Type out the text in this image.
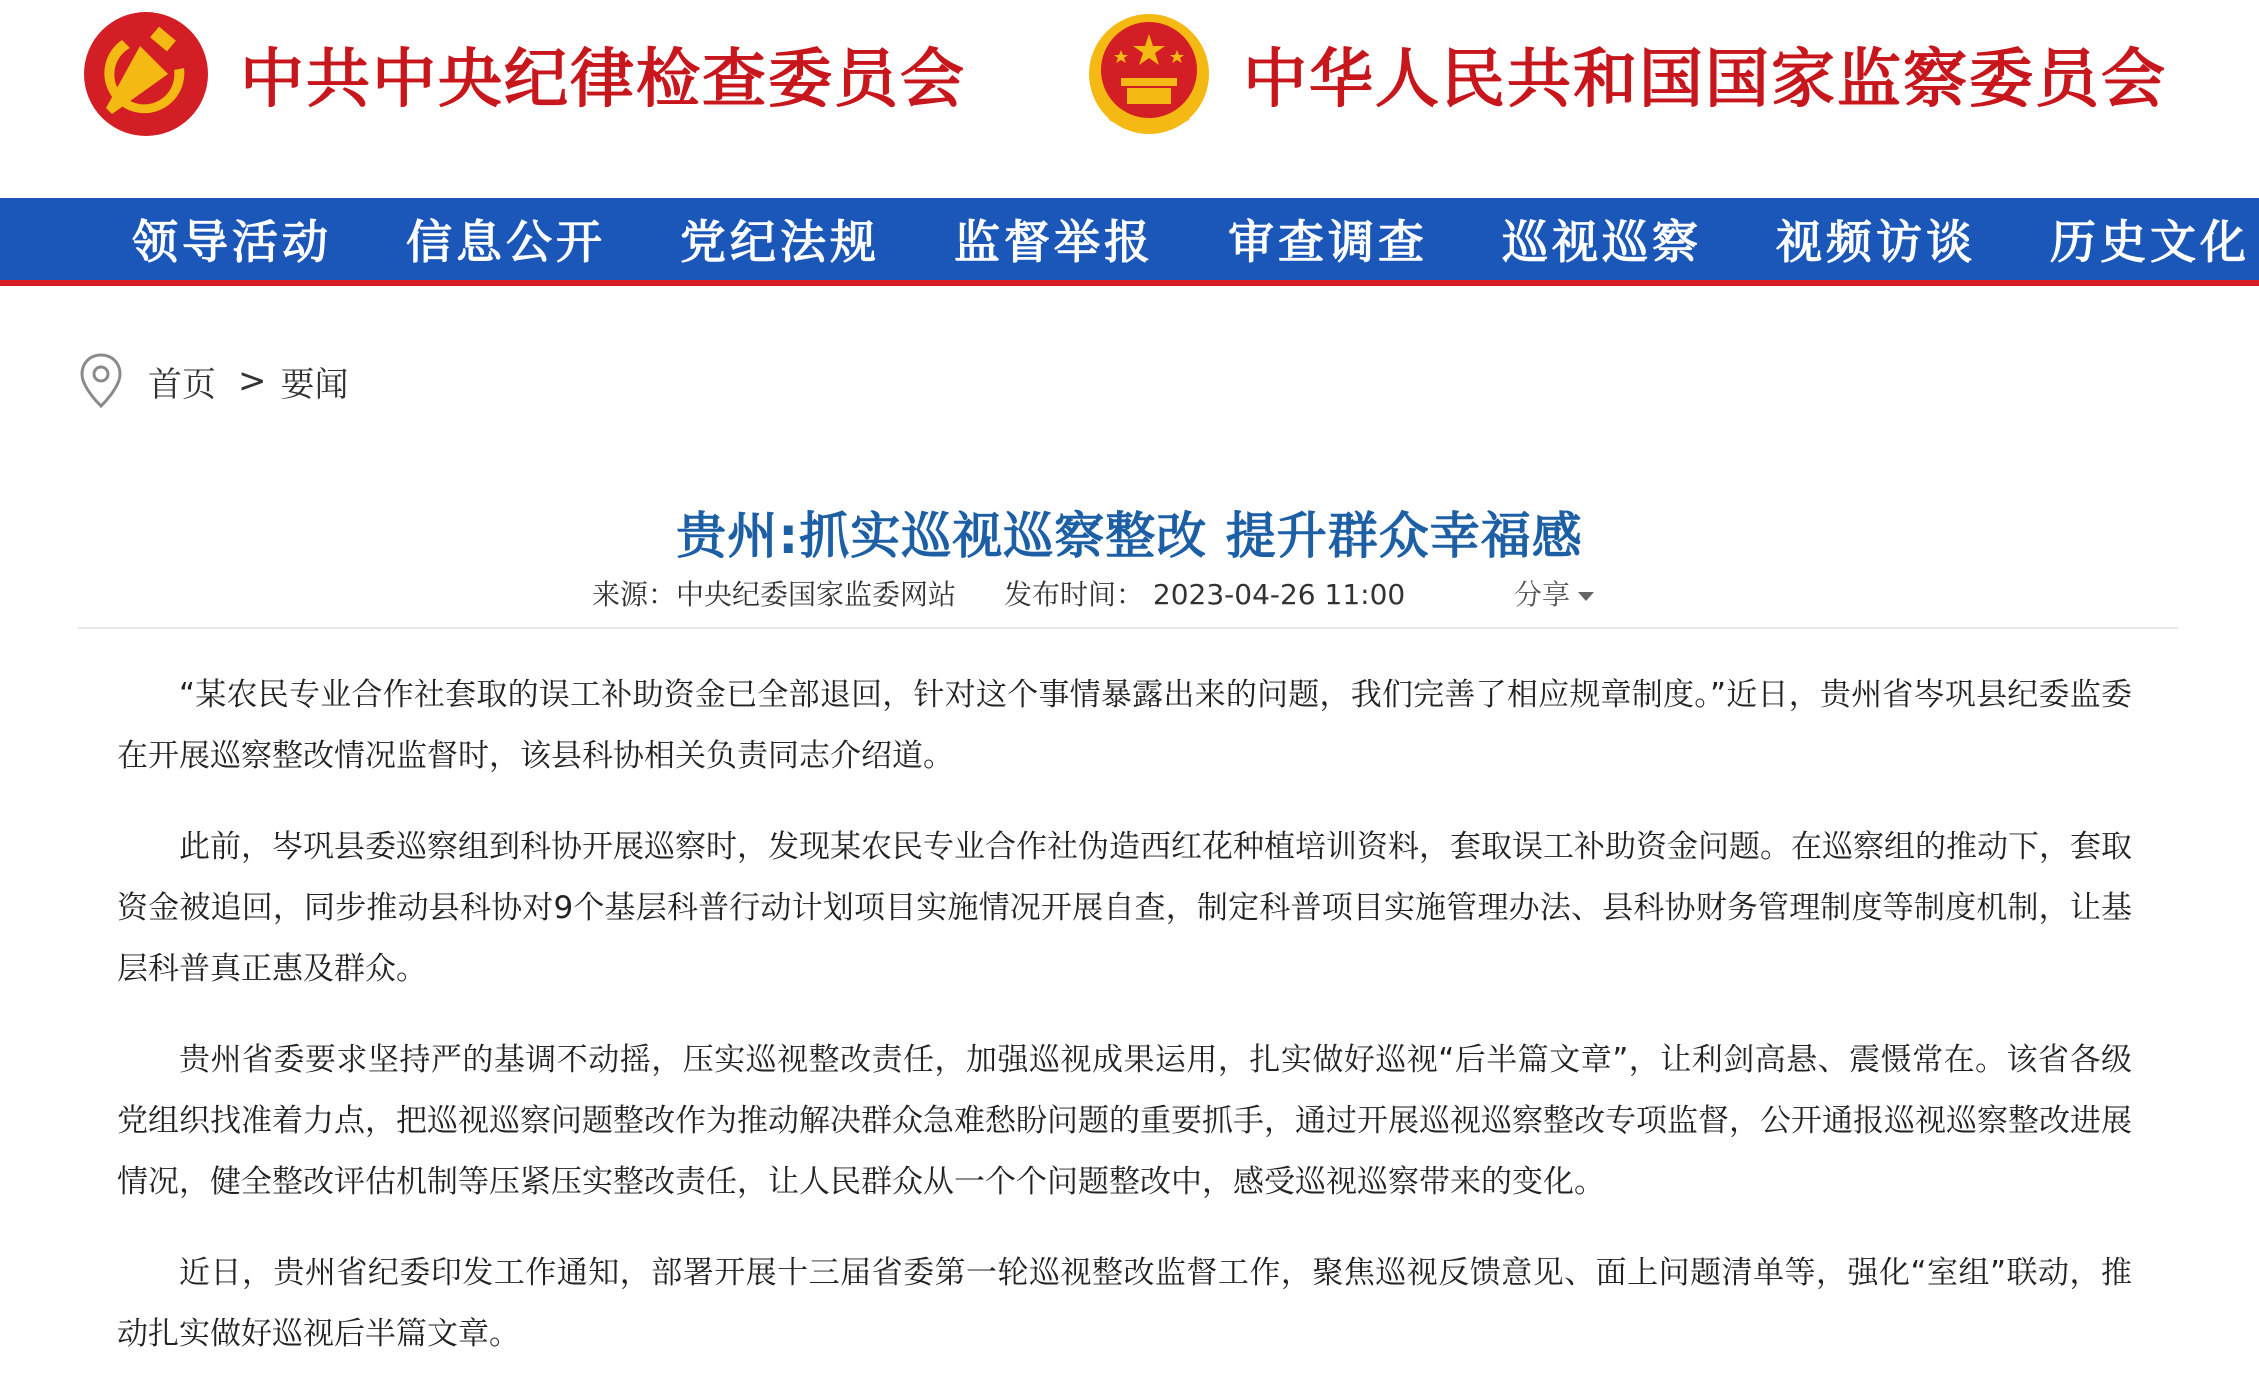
中共中央纪律检查委员会	中华人民共和国国家监察委员会
领导活动 信息公开 党纪法规 监督举报 审查调查 巡视巡察 视频访谈 历史文化
首页 > 要闻
贵州:抓实巡视巡察整改 提升群众幸福感
来源：中央纪委国家监委网站 发布时间： 2023-04-26 11:00	分享

“某农民专业合作社套取的误工补助资金已全部退回，针对这个事情暴露出来的问题，我们完善了相应规章制度。”近日，贵州省岑巩县纪委监委在开展巡察整改情况监督时，该县科协相关负责同志介绍道。

此前，岑巩县委巡察组到科协开展巡察时，发现某农民专业合作社伪造西红花种植培训资料，套取误工补助资金问题。在巡察组的推动下，套取资金被追回，同步推动县科协对9个基层科普行动计划项目实施情况开展自查，制定科普项目实施管理办法、县科协财务管理制度等制度机制，让基层科普真正惠及群众。

贵州省委要求坚持严的基调不动摇，压实巡视整改责任，加强巡视成果运用，扎实做好巡视“后半篇文章”，让利剑高悬、震慑常在。该省各级党组织找准着力点，把巡视巡察问题整改作为推动解决群众急难愁盼问题的重要抓手，通过开展巡视巡察整改专项监督，公开通报巡视巡察整改进展情况，健全整改评估机制等压紧压实整改责任，让人民群众从一个个问题整改中，感受巡视巡察带来的变化。

近日，贵州省纪委印发工作通知，部署开展十三届省委第一轮巡视整改监督工作，聚焦巡视反馈意见、面上问题清单等，强化“室组”联动，推动扎实做好巡视后半篇文章。
